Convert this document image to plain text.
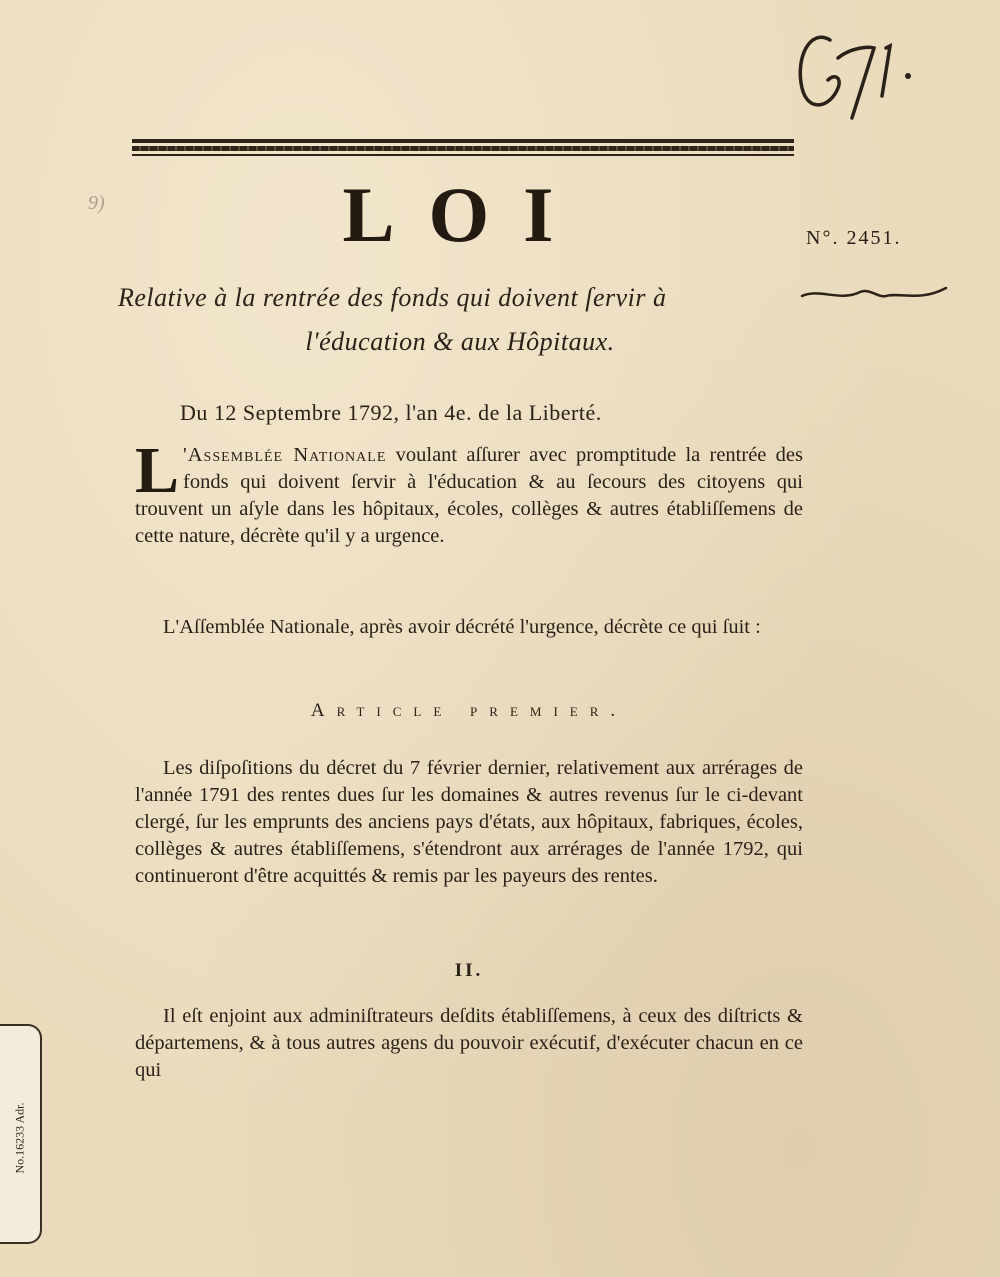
9)	LOI	N°. 2451.
Relative à la rentrée des fonds qui doivent ſervir à
l'éducation & aux Hôpitaux.
Du 12 Septembre 1792, l'an 4e. de la Liberté.
L 'Assemblée Nationale voulant aſſurer avec promptitude la rentrée des fonds qui doivent ſervir à l'éducation & au ſecours des citoyens qui trouvent un aſyle dans les hôpitaux, écoles, collèges & autres établiſſemens de cette nature, décrète qu'il y a urgence.
L'Aſſemblée Nationale, après avoir décrété l'urgence, décrète ce qui ſuit :
Article premier.
Les diſpoſitions du décret du 7 février dernier, relativement aux arrérages de l'année 1791 des rentes dues ſur les domaines & autres revenus ſur le ci-devant clergé, ſur les emprunts des anciens pays d'états, aux hôpitaux, fabriques, écoles, collèges & autres établiſſemens, s'étendront aux arrérages de l'année 1792, qui continueront d'être acquittés & remis par les payeurs des rentes.
II.
Il eſt enjoint aux adminiſtrateurs deſdits établiſſemens, à ceux des diſtricts & départemens, & à tous autres agens du pouvoir exécutif, d'exécuter chacun en ce qui
No.16233 Adr.
